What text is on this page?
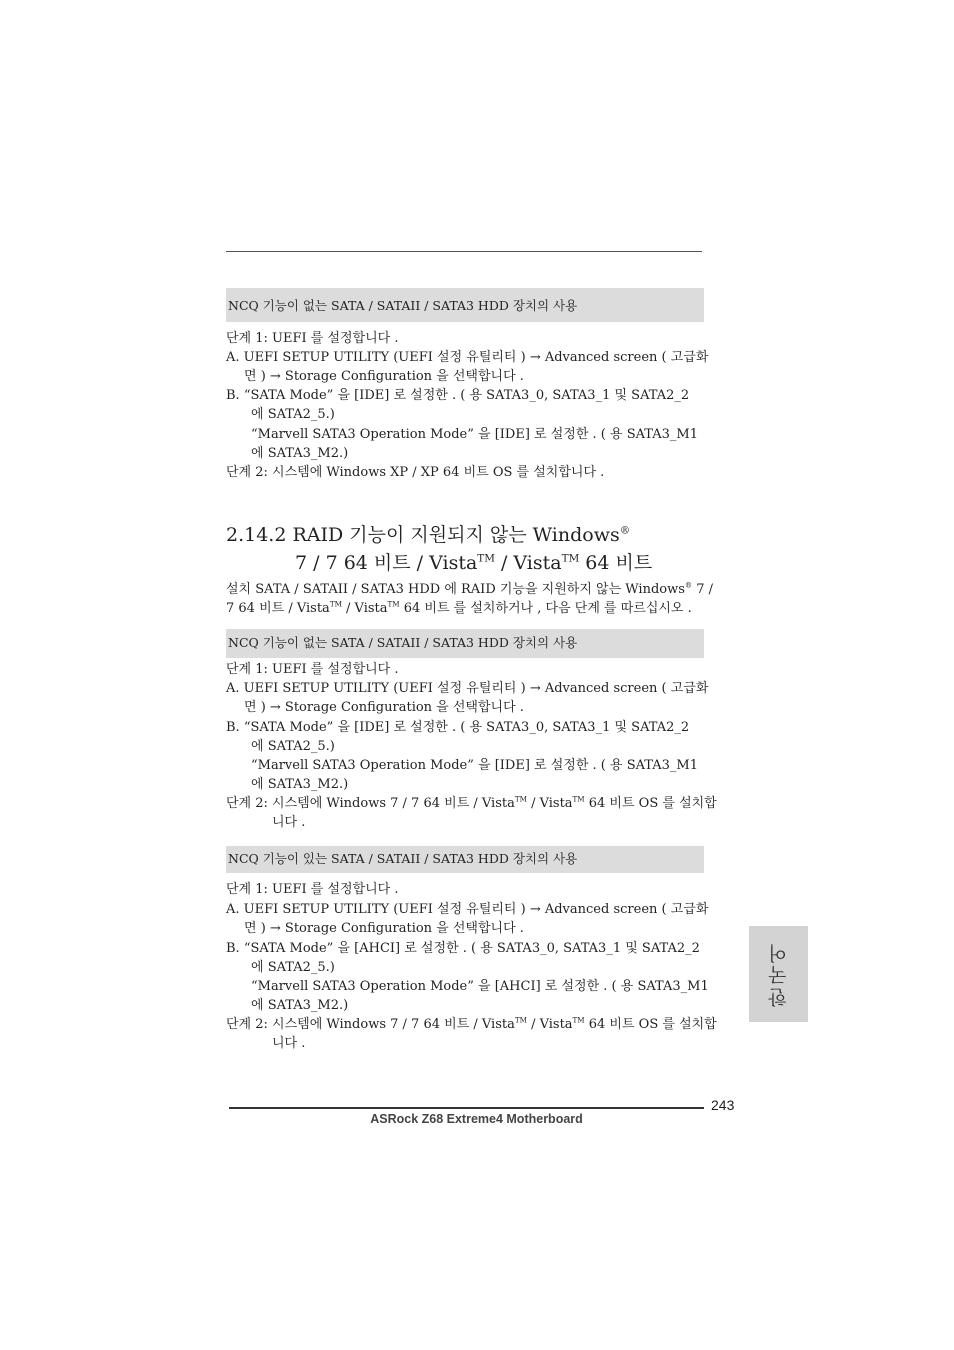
NCQ 기능이 없는 SATA / SATAII / SATA3 HDD 장치의 사용
단계 1: UEFI 를 설정합니다 .
A. UEFI SETUP UTILITY (UEFI 설정 유틸리티 ) → Advanced screen ( 고급화
면 ) → Storage Configuration 을 선택합니다 .
B. “SATA Mode” 을 [IDE] 로 설정한 . ( 용 SATA3_0, SATA3_1 및 SATA2_2
에 SATA2_5.)
“Marvell SATA3 Operation Mode” 을 [IDE] 로 설정한 . ( 용 SATA3_M1
에 SATA3_M2.)
단계 2: 시스템에 Windows XP / XP 64 비트 OS 를 설치합니다 .
2.14.2 RAID 기능이 지원되지 않는 Windows®
7 / 7 64 비트 / Vista™ / Vista™ 64 비트
설치 SATA / SATAII / SATA3 HDD 에 RAID 기능을 지원하지 않는 Windows® 7 /
7 64 비트 / Vista™ / Vista™ 64 비트 를 설치하거나 , 다음 단계 를 따르십시오 .
NCQ 기능이 없는 SATA / SATAII / SATA3 HDD 장치의 사용
단계 1: UEFI 를 설정합니다 .
A. UEFI SETUP UTILITY (UEFI 설정 유틸리티 ) → Advanced screen ( 고급화
면 ) → Storage Configuration 을 선택합니다 .
B. “SATA Mode” 을 [IDE] 로 설정한 . ( 용 SATA3_0, SATA3_1 및 SATA2_2
에 SATA2_5.)
“Marvell SATA3 Operation Mode” 을 [IDE] 로 설정한 . ( 용 SATA3_M1
에 SATA3_M2.)
단계 2: 시스템에 Windows 7 / 7 64 비트 / Vista™ / Vista™ 64 비트 OS 를 설치합
니다 .
NCQ 기능이 있는 SATA / SATAII / SATA3 HDD 장치의 사용
단계 1: UEFI 를 설정합니다 .
A. UEFI SETUP UTILITY (UEFI 설정 유틸리티 ) → Advanced screen ( 고급화
면 ) → Storage Configuration 을 선택합니다 .
B. “SATA Mode” 을 [AHCI] 로 설정한 . ( 용 SATA3_0, SATA3_1 및 SATA2_2
에 SATA2_5.)
“Marvell SATA3 Operation Mode” 을 [AHCI] 로 설정한 . ( 용 SATA3_M1
에 SATA3_M2.)
단계 2: 시스템에 Windows 7 / 7 64 비트 / Vista™ / Vista™ 64 비트 OS 를 설치합
니다 .
한국어
243
ASRock Z68 Extreme4 Motherboard
